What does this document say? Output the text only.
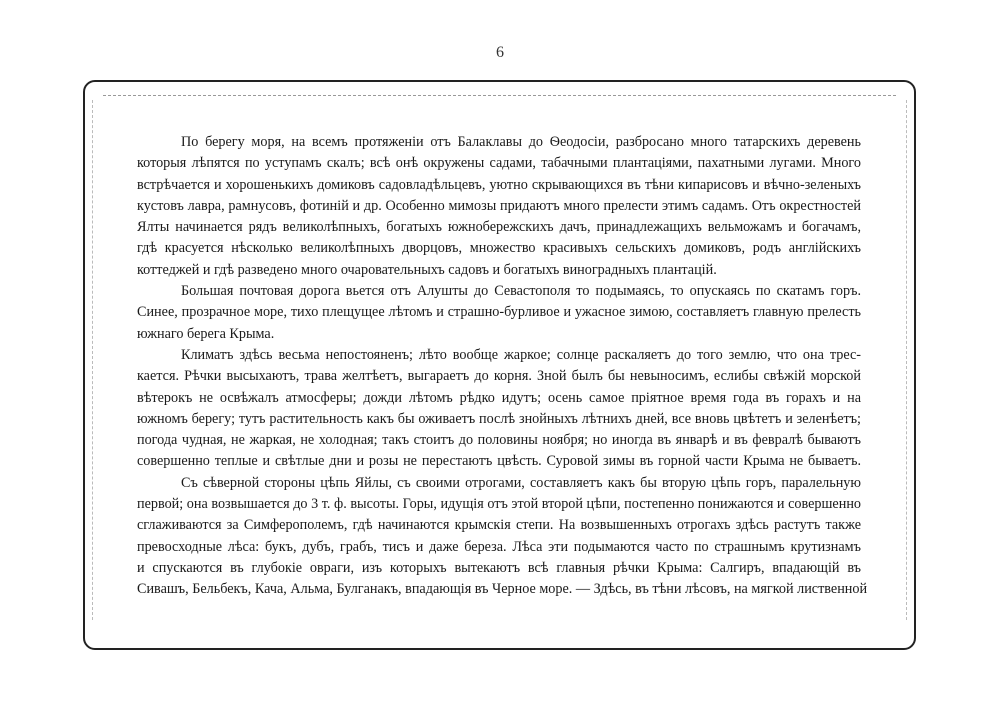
6

По берегу моря, на всемъ протяженіи отъ Балаклавы до Ѳеодосіи, разбросано много татарскихъ деревень
которыя лѣпятся по уступамъ скалъ; всѣ онѣ окружены садами, табачными плантаціями, пахатными лугами. Много
встрѣчается и хорошенькихъ домиковъ садовладѣльцевъ, уютно скрывающихся въ тѣни кипарисовъ и вѣчно-зеленыхъ
кустовъ лавра, рамнусовъ, фотиній и др. Особенно мимозы придаютъ много прелести этимъ садамъ. Отъ окрестностей
Ялты начинается рядъ великолѣпныхъ, богатыхъ южнобережскихъ дачъ, принадлежащихъ вельможамъ и богачамъ,
гдѣ красуется нѣсколько великолѣпныхъ дворцовъ, множество красивыхъ сельскихъ домиковъ, родъ англійскихъ
коттеджей и гдѣ разведено много очаровательныхъ садовъ и богатыхъ виноградныхъ плантацій.

Большая почтовая дорога вьется отъ Алушты до Севастополя то подымаясь, то опускаясь по скатамъ горъ.
Синее, прозрачное море, тихо плещущее лѣтомъ и страшно-бурливое и ужасное зимою, составляетъ главную прелесть
южнаго берега Крыма.

Климатъ здѣсь весьма непостояненъ; лѣто вообще жаркое; солнце раскаляетъ до того землю, что она трес-
кается. Рѣчки высыхаютъ, трава желтѣетъ, выгараетъ до корня. Зной былъ бы невыносимъ, еслибы свѣжій морской
вѣтерокъ не освѣжалъ атмосферы; дожди лѣтомъ рѣдко идутъ; осень самое пріятное время года въ горахъ и на
южномъ берегу; тутъ растительность какъ бы оживаетъ послѣ знойныхъ лѣтнихъ дней, все вновь цвѣтетъ и зеленѣетъ;
погода чудная, не жаркая, не холодная; такъ стоитъ до половины ноября; но иногда въ январѣ и въ февралѣ бываютъ
совершенно теплые и свѣтлые дни и розы не перестаютъ цвѣсть. Суровой зимы въ горной части Крыма не бываетъ.

Съ сѣверной стороны цѣпь Яйлы, съ своими отрогами, составляетъ какъ бы вторую цѣпь горъ, паралельную
первой; она возвышается до 3 т. ф. высоты. Горы, идущія отъ этой второй цѣпи, постепенно понижаются и совершенно
сглаживаются за Симферополемъ, гдѣ начинаются крымскія степи. На возвышенныхъ отрогахъ здѣсь растутъ также
превосходные лѣса: букъ, дубъ, грабъ, тисъ и даже береза. Лѣса эти подымаются часто по страшнымъ крутизнамъ
и спускаются въ глубокіе овраги, изъ которыхъ вытекаютъ всѣ главныя рѣчки Крыма: Салгиръ, впадающій въ
Сивашъ, Бельбекъ, Кача, Альма, Булганакъ, впадающія въ Черное море. — Здѣсь, въ тѣни лѣсовъ, на мягкой лиственной
